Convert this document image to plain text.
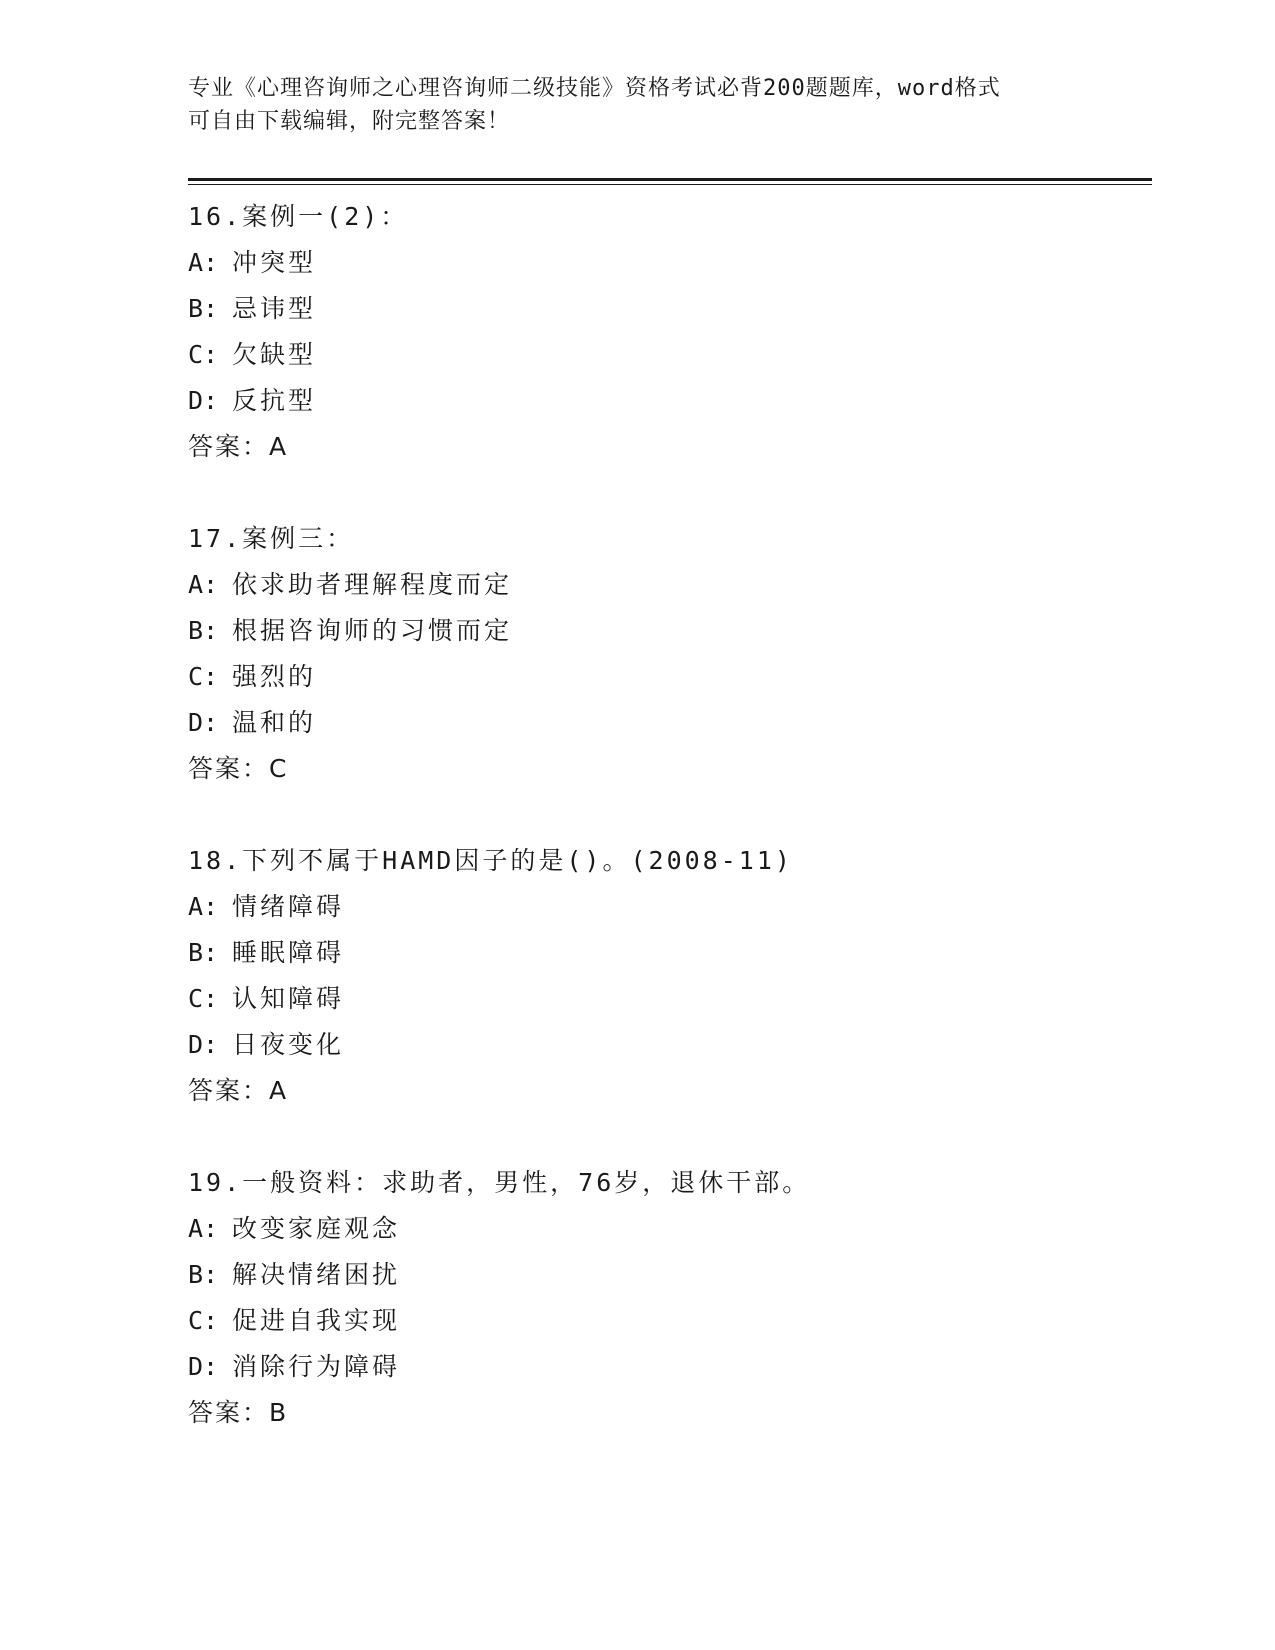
专业《心理咨询师之心理咨询师二级技能》资格考试必背200题题库，word格式
可自由下载编辑，附完整答案！
16.案例一(2)：
A: 冲突型
B: 忌讳型
C: 欠缺型
D: 反抗型
答案：A
17.案例三：
A: 依求助者理解程度而定
B: 根据咨询师的习惯而定
C: 强烈的
D: 温和的
答案：C
18.下列不属于HAMD因子的是()。(2008-11)
A: 情绪障碍
B: 睡眠障碍
C: 认知障碍
D: 日夜变化
答案：A
19.一般资料：求助者，男性，76岁，退休干部。
A: 改变家庭观念
B: 解决情绪困扰
C: 促进自我实现
D: 消除行为障碍
答案：B
